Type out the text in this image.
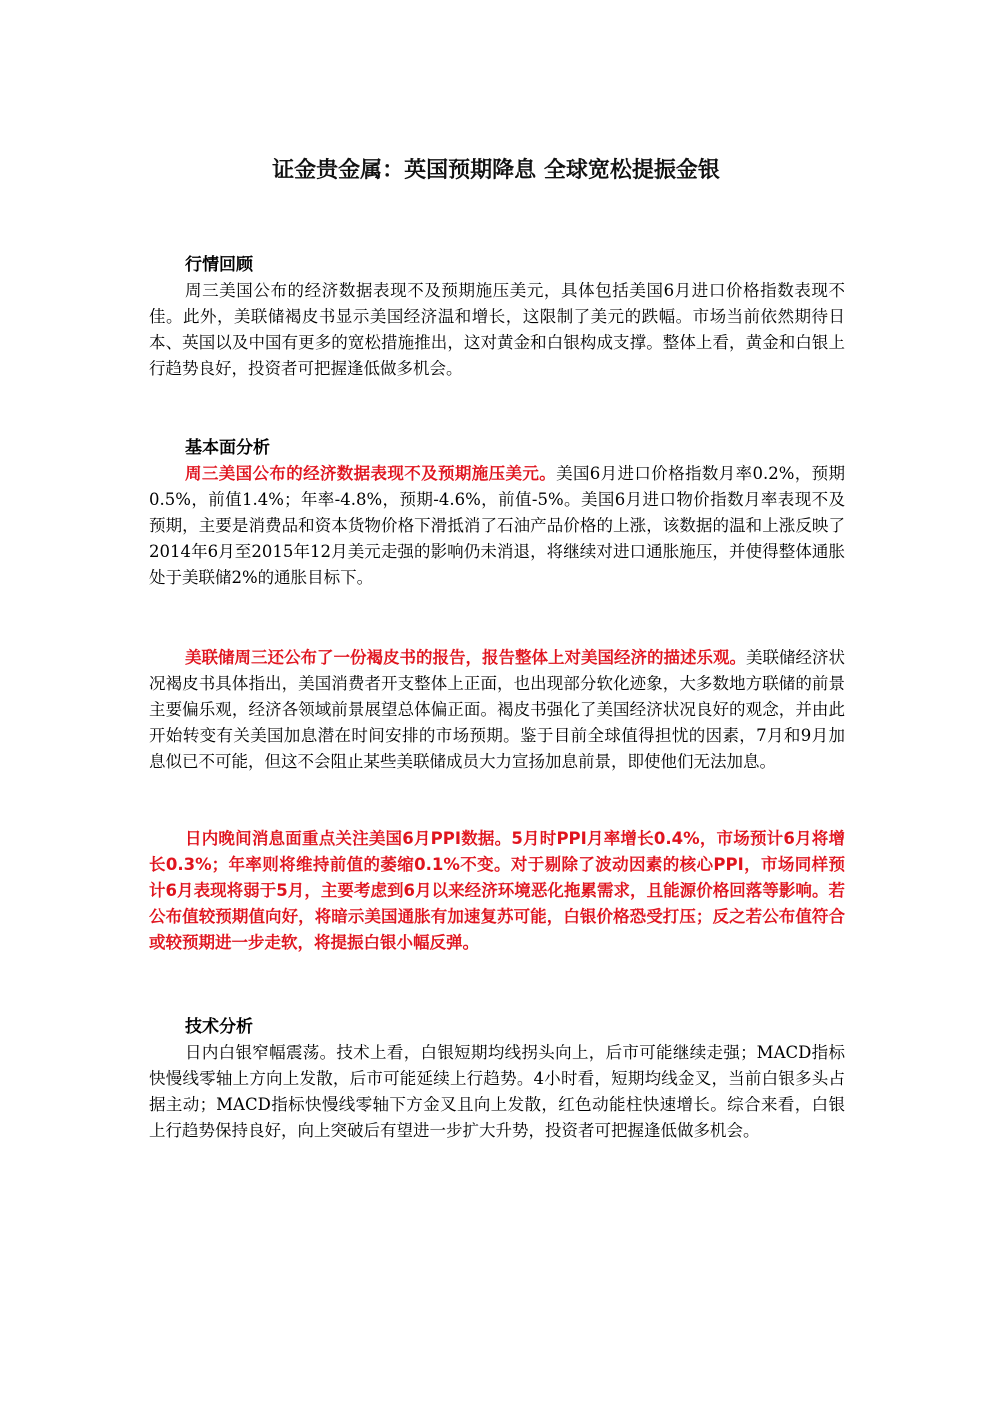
证金贵金属：英国预期降息 全球宽松提振金银

行情回顾

周三美国公布的经济数据表现不及预期施压美元，具体包括美国6月进口价格指数表现不佳。此外，美联储褐皮书显示美国经济温和增长，这限制了美元的跌幅。市场当前依然期待日本、英国以及中国有更多的宽松措施推出，这对黄金和白银构成支撑。整体上看，黄金和白银上行趋势良好，投资者可把握逢低做多机会。

基本面分析

周三美国公布的经济数据表现不及预期施压美元。美国6月进口价格指数月率0.2%，预期0.5%，前值1.4%；年率-4.8%，预期-4.6%，前值-5%。美国6月进口物价指数月率表现不及预期，主要是消费品和资本货物价格下滑抵消了石油产品价格的上涨，该数据的温和上涨反映了2014年6月至2015年12月美元走强的影响仍未消退，将继续对进口通胀施压，并使得整体通胀处于美联储2%的通胀目标下。

美联储周三还公布了一份褐皮书的报告，报告整体上对美国经济的描述乐观。美联储经济状况褐皮书具体指出，美国消费者开支整体上正面，也出现部分软化迹象，大多数地方联储的前景主要偏乐观，经济各领域前景展望总体偏正面。褐皮书强化了美国经济状况良好的观念，并由此开始转变有关美国加息潜在时间安排的市场预期。鉴于目前全球值得担忧的因素，7月和9月加息似已不可能，但这不会阻止某些美联储成员大力宣扬加息前景，即使他们无法加息。

日内晚间消息面重点关注美国6月PPI数据。5月时PPI月率增长0.4%，市场预计6月将增长0.3%；年率则将维持前值的萎缩0.1%不变。对于剔除了波动因素的核心PPI，市场同样预计6月表现将弱于5月，主要考虑到6月以来经济环境恶化拖累需求，且能源价格回落等影响。若公布值较预期值向好，将暗示美国通胀有加速复苏可能，白银价格恐受打压；反之若公布值符合或较预期进一步走软，将提振白银小幅反弹。

技术分析

日内白银窄幅震荡。技术上看，白银短期均线拐头向上，后市可能继续走强；MACD指标快慢线零轴上方向上发散，后市可能延续上行趋势。4小时看，短期均线金叉，当前白银多头占据主动；MACD指标快慢线零轴下方金叉且向上发散，红色动能柱快速增长。综合来看，白银上行趋势保持良好，向上突破后有望进一步扩大升势，投资者可把握逢低做多机会。
